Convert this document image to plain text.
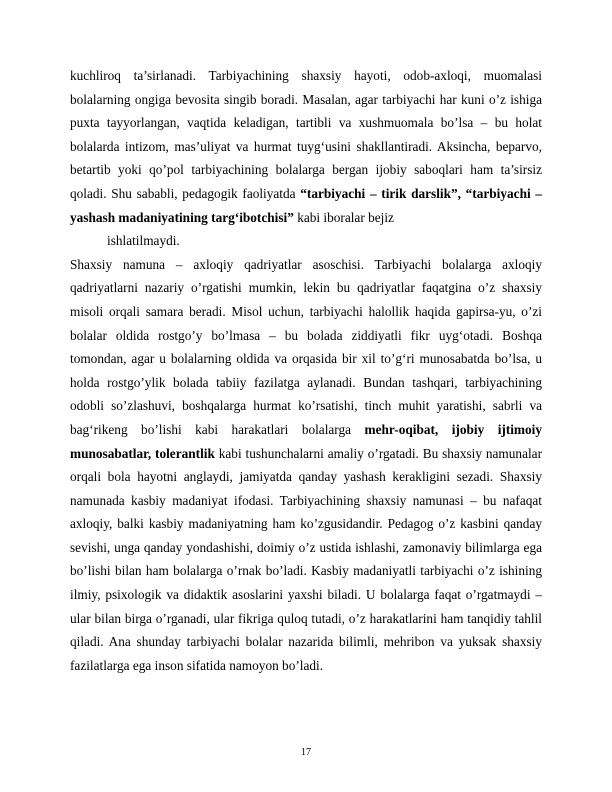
kuchliroq ta’sirlanadi. Tarbiyachining shaxsiy hayoti, odob-axloqi, muomalasi bolalarning ongiga bevosita singib boradi. Masalan, agar tarbiyachi har kuni o’z ishiga puxta tayyorlangan, vaqtida keladigan, tartibli va xushmuomala bo’lsa – bu holat bolalarda intizom, mas’uliyat va hurmat tuyg‘usini shakllantiradi. Aksincha, beparvo, betartib yoki qo’pol tarbiyachining bolalarga bergan ijobiy saboqlari ham ta’sirsiz qoladi. Shu sababli, pedagogik faoliyatda “tarbiyachi – tirik darslik”, “tarbiyachi – yashash madaniyatining targ‘ibotchisi” kabi iboralar bejiz

ishlatilmaydi.

Shaxsiy namuna – axloqiy qadriyatlar asoschisi. Tarbiyachi bolalarga axloqiy qadriyatlarni nazariy o’rgatishi mumkin, lekin bu qadriyatlar faqatgina o’z shaxsiy misoli orqali samara beradi. Misol uchun, tarbiyachi halollik haqida gapirsa-yu, o’zi bolalar oldida rostgo’y bo’lmasa – bu bolada ziddiyatli fikr uyg‘otadi. Boshqa tomondan, agar u bolalarning oldida va orqasida bir xil to’g‘ri munosabatda bo’lsa, u holda rostgo’ylik bolada tabiiy fazilatga aylanadi. Bundan tashqari, tarbiyachining odobli so’zlashuvi, boshqalarga hurmat ko’rsatishi, tinch muhit yaratishi, sabrli va bag‘rikeng bo’lishi kabi harakatlari bolalarga mehr-oqibat, ijobiy ijtimoiy munosabatlar, tolerantlik kabi tushunchalarni amaliy o’rgatadi. Bu shaxsiy namunalar orqali bola hayotni anglaydi, jamiyatda qanday yashash kerakligini sezadi. Shaxsiy namunada kasbiy madaniyat ifodasi. Tarbiyachining shaxsiy namunasi – bu nafaqat axloqiy, balki kasbiy madaniyatning ham ko’zgusidandir. Pedagog o’z kasbini qanday sevishi, unga qanday yondashishi, doimiy o’z ustida ishlashi, zamonaviy bilimlarga ega bo’lishi bilan ham bolalarga o’rnak bo’ladi. Kasbiy madaniyatli tarbiyachi o’z ishining ilmiy, psixologik va didaktik asoslarini yaxshi biladi. U bolalarga faqat o’rgatmaydi – ular bilan birga o’rganadi, ular fikriga quloq tutadi, o’z harakatlarini ham tanqidiy tahlil qiladi. Ana shunday tarbiyachi bolalar nazarida bilimli, mehribon va yuksak shaxsiy fazilatlarga ega inson sifatida namoyon bo’ladi.

17
